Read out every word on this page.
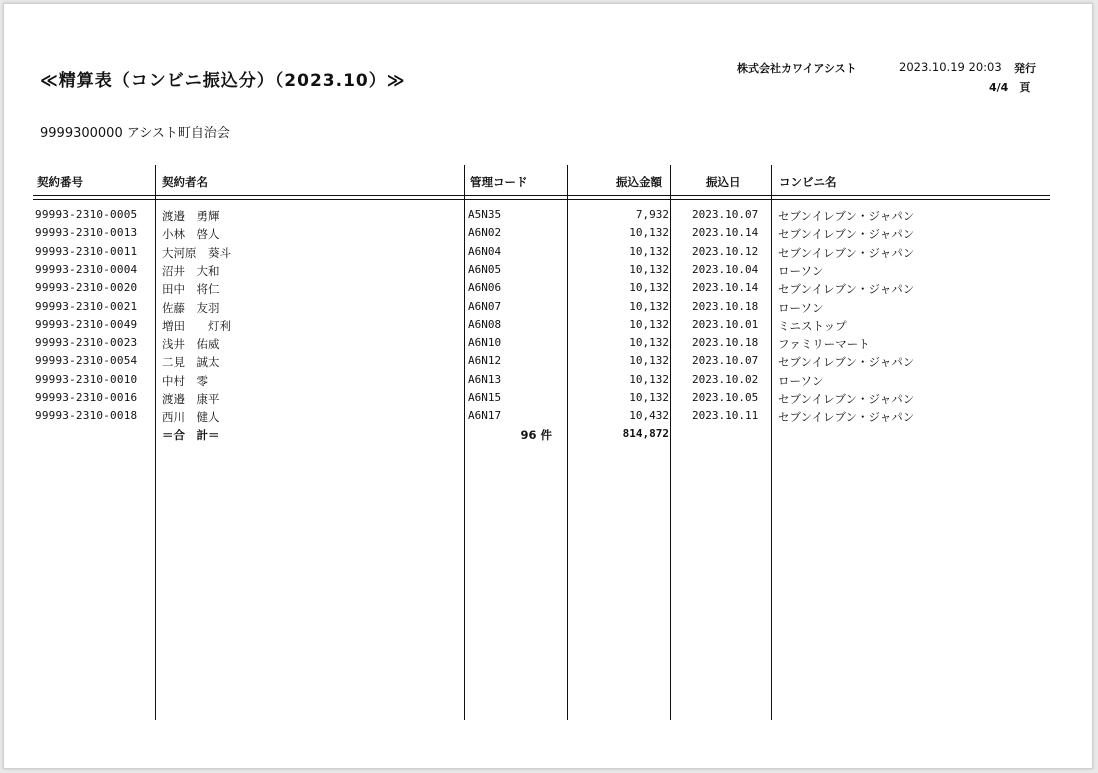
≪精算表（コンビニ振込分）（2023.10）≫
株式会社カワイアシスト	2023.10.19 20:03 発行
4/4　頁
9999300000 アシスト町自治会
契約番号	契約者名	管理コード	振込金額	振込日	コンビニ名
99993-2310-0005 渡邉　勇輝	A5N35	7,932 2023.10.07 セブンイレブン・ジャパン
99993-2310-0013 小林　啓人	A6N02	10,132 2023.10.14 セブンイレブン・ジャパン
99993-2310-0011 大河原　葵斗	A6N04	10,132 2023.10.12 セブンイレブン・ジャパン
99993-2310-0004 沼井　大和	A6N05	10,132 2023.10.04 ローソン
99993-2310-0020 田中　将仁	A6N06	10,132 2023.10.14 セブンイレブン・ジャパン
99993-2310-0021 佐藤　友羽	A6N07	10,132 2023.10.18 ローソン
99993-2310-0049 増田　　灯利	A6N08	10,132 2023.10.01 ミニストップ
99993-2310-0023 浅井　佑威	A6N10	10,132 2023.10.18 ファミリーマート
99993-2310-0054 二見　誠太	A6N12	10,132 2023.10.07 セブンイレブン・ジャパン
99993-2310-0010 中村　零	A6N13	10,132 2023.10.02 ローソン
99993-2310-0016 渡邉　康平	A6N15	10,132 2023.10.05 セブンイレブン・ジャパン
99993-2310-0018 西川　健人	A6N17	10,432 2023.10.11 セブンイレブン・ジャパン
＝合　計＝	96 件	814,872
